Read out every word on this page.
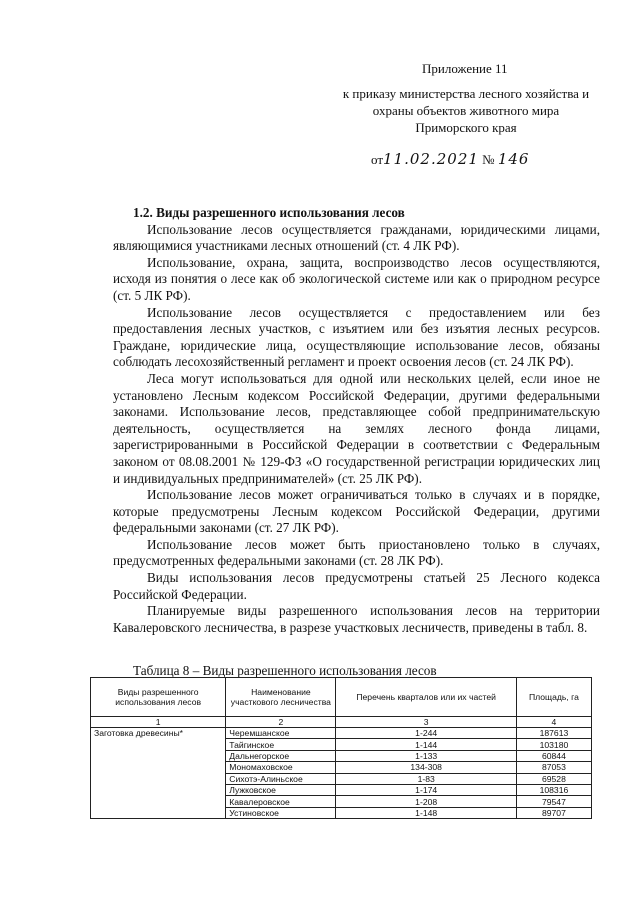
Приложение 11
к приказу министерства лесного хозяйства и
охраны объектов животного мира
Приморского края
от11.02.2021 № 146

1.2. Виды разрешенного использования лесов

Использование лесов осуществляется гражданами, юридическими лицами, являющимися участниками лесных отношений (ст. 4 ЛК РФ).

Использование, охрана, защита, воспроизводство лесов осуществляются, исходя из понятия о лесе как об экологической системе или как о природном ресурсе (ст. 5 ЛК РФ).

Использование лесов осуществляется с предоставлением или без предоставления лесных участков, с изъятием или без изъятия лесных ресурсов. Граждане, юридические лица, осуществляющие использование лесов, обязаны соблюдать лесохозяйственный регламент и проект освоения лесов (ст. 24 ЛК РФ).

Леса могут использоваться для одной или нескольких целей, если иное не установлено Лесным кодексом Российской Федерации, другими федеральными законами. Использование лесов, представляющее собой предпринимательскую деятельность, осуществляется на землях лесного фонда лицами, зарегистрированными в Российской Федерации в соответствии с Федеральным законом от 08.08.2001 № 129-ФЗ «О государственной регистрации юридических лиц и индивидуальных предпринимателей» (ст. 25 ЛК РФ).

Использование лесов может ограничиваться только в случаях и в порядке, которые предусмотрены Лесным кодексом Российской Федерации, другими федеральными законами (ст. 27 ЛК РФ).

Использование лесов может быть приостановлено только в случаях, предусмотренных федеральными законами (ст. 28 ЛК РФ).

Виды использования лесов предусмотрены статьей 25 Лесного кодекса Российской Федерации.

Планируемые виды разрешенного использования лесов на территории Кавалеровского лесничества, в разрезе участковых лесничеств, приведены в табл. 8.

Таблица 8 – Виды разрешенного использования лесов
Виды разрешенного использования лесов	Наименование участкового лесничества	Перечень кварталов или их частей	Площадь, га
1	2	3	4
Заготовка древесины*	Черемшанское	1-244	187613
	Тайгинское	1-144	103180
	Дальнегорское	1-133	60844
	Мономаховское	134-308	87053
	Сихотэ-Алиньское	1-83	69528
	Лужковское	1-174	108316
	Кавалеровское	1-208	79547
	Устиновское	1-148	89707
